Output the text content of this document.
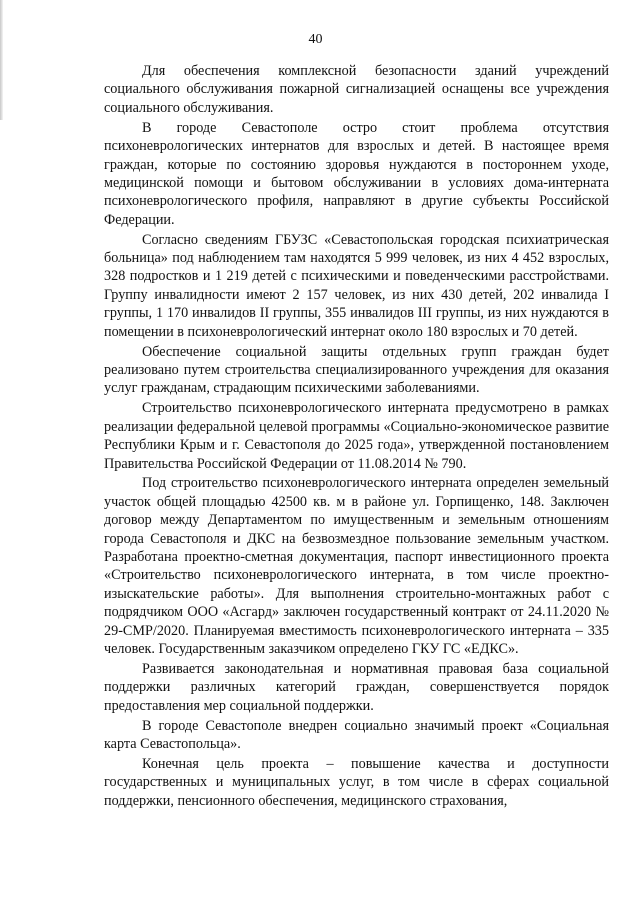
40

Для обеспечения комплексной безопасности зданий учреждений социального обслуживания пожарной сигнализацией оснащены все учреждения социального обслуживания.

В городе Севастополе остро стоит проблема отсутствия психоневрологических интернатов для взрослых и детей. В настоящее время граждан, которые по состоянию здоровья нуждаются в постороннем уходе, медицинской помощи и бытовом обслуживании в условиях дома-интерната психоневрологического профиля, направляют в другие субъекты Российской Федерации.

Согласно сведениям ГБУЗС «Севастопольская городская психиатрическая больница» под наблюдением там находятся 5 999 человек, из них 4 452 взрослых, 328 подростков и 1 219 детей с психическими и поведенческими расстройствами. Группу инвалидности имеют 2 157 человек, из них 430 детей, 202 инвалида I группы, 1 170 инвалидов II группы, 355 инвалидов III группы, из них нуждаются в помещении в психоневрологический интернат около 180 взрослых и 70 детей.

Обеспечение социальной защиты отдельных групп граждан будет реализовано путем строительства специализированного учреждения для оказания услуг гражданам, страдающим психическими заболеваниями.

Строительство психоневрологического интерната предусмотрено в рамках реализации федеральной целевой программы «Социально-экономическое развитие Республики Крым и г. Севастополя до 2025 года», утвержденной постановлением Правительства Российской Федерации от 11.08.2014 № 790.

Под строительство психоневрологического интерната определен земельный участок общей площадью 42500 кв. м в районе ул. Горпищенко, 148. Заключен договор между Департаментом по имущественным и земельным отношениям города Севастополя и ДКС на безвозмездное пользование земельным участком. Разработана проектно-сметная документация, паспорт инвестиционного проекта «Строительство психоневрологического интерната, в том числе проектно-изыскательские работы». Для выполнения строительно-монтажных работ с подрядчиком ООО «Асгард» заключен государственный контракт от 24.11.2020 № 29-СМР/2020. Планируемая вместимость психоневрологического интерната – 335 человек. Государственным заказчиком определено ГКУ ГС «ЕДКС».

Развивается законодательная и нормативная правовая база социальной поддержки различных категорий граждан, совершенствуется порядок предоставления мер социальной поддержки.

В городе Севастополе внедрен социально значимый проект «Социальная карта Севастопольца».

Конечная цель проекта – повышение качества и доступности государственных и муниципальных услуг, в том числе в сферах социальной поддержки, пенсионного обеспечения, медицинского страхования,
